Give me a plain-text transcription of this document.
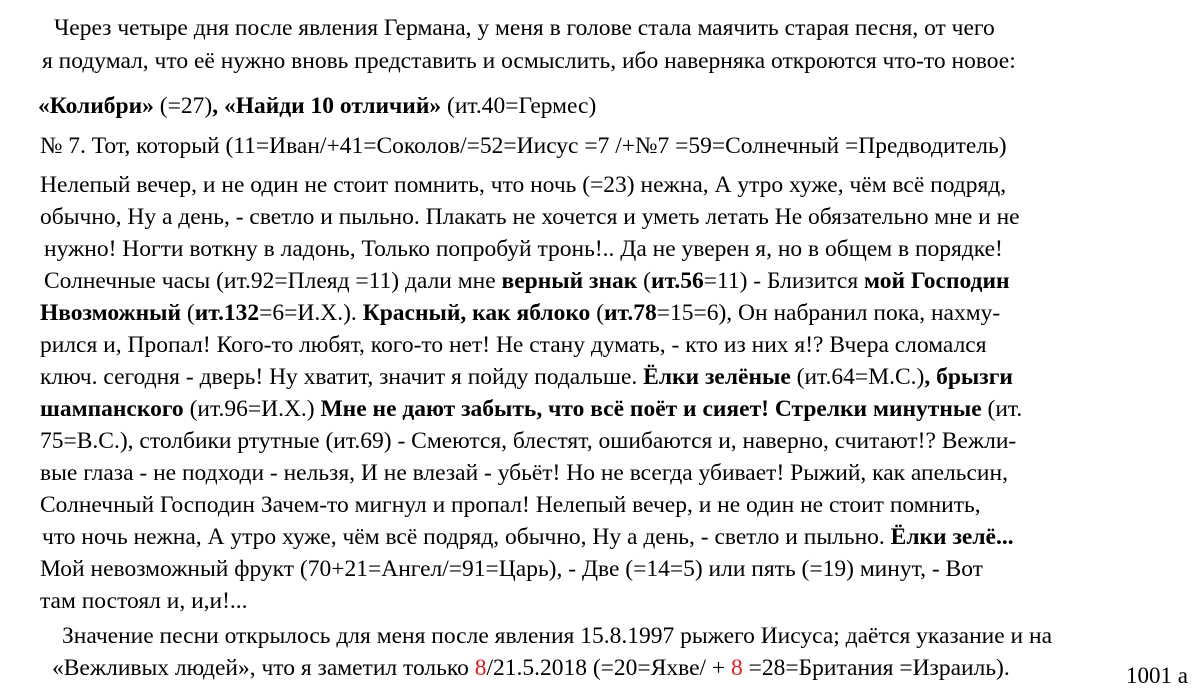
Через четыре дня после явления Германа, у меня в голове стала маячить старая песня, от чего
я подумал, что её нужно вновь представить и осмыслить, ибо наверняка откроются что-то новое:
«Колибри» (=27), «Найди 10 отличий» (ит.40=Гермес)
№ 7. Тот, который (11=Иван/+41=Соколов/=52=Иисус =7 /+№7 =59=Солнечный =Предводитель)
Нелепый вечер, и не один не стоит помнить, что ночь (=23) нежна, А утро хуже, чём всё подряд,
обычно, Ну а день, - светло и пыльно. Плакать не хочется и уметь летать Не обязательно мне и не
нужно! Ногти воткну в ладонь, Только попробуй тронь!.. Да не уверен я, но в общем в порядке!
Солнечные часы (ит.92=Плеяд =11) дали мне верный знак (ит.56=11) - Близится мой Господин
Нвозможный (ит.132=6=И.Х.). Красный, как яблоко (ит.78=15=6), Он набранил пока, нахму-
рился и, Пропал! Кого-то любят, кого-то нет! Не стану думать, - кто из них я!? Вчера сломался
ключ. сегодня - дверь! Ну хватит, значит я пойду подальше. Ёлки зелёные (ит.64=М.С.), брызги
шампанского (ит.96=И.Х.) Мне не дают забыть, что всё поёт и сияет! Стрелки минутные (ит.
75=В.С.), столбики ртутные (ит.69) - Смеются, блестят, ошибаются и, наверно, считают!? Вежли-
вые глаза - не подходи - нельзя, И не влезай - убьёт! Но не всегда убивает! Рыжий, как апельсин,
Солнечный Господин Зачем-то мигнул и пропал! Нелепый вечер, и не один не стоит помнить,
что ночь нежна, А утро хуже, чём всё подряд, обычно, Ну а день, - светло и пыльно. Ёлки зелё...
Мой невозможный фрукт (70+21=Ангел/=91=Царь), - Две (=14=5) или пять (=19) минут, - Вот
там постоял и, и,и!...
Значение песни открылось для меня после явления 15.8.1997 рыжего Иисуса; даётся указание и на
«Вежливых людей», что я заметил только 8/21.5.2018 (=20=Яхве/ + 8 =28=Британия =Израиль).	1001 а
